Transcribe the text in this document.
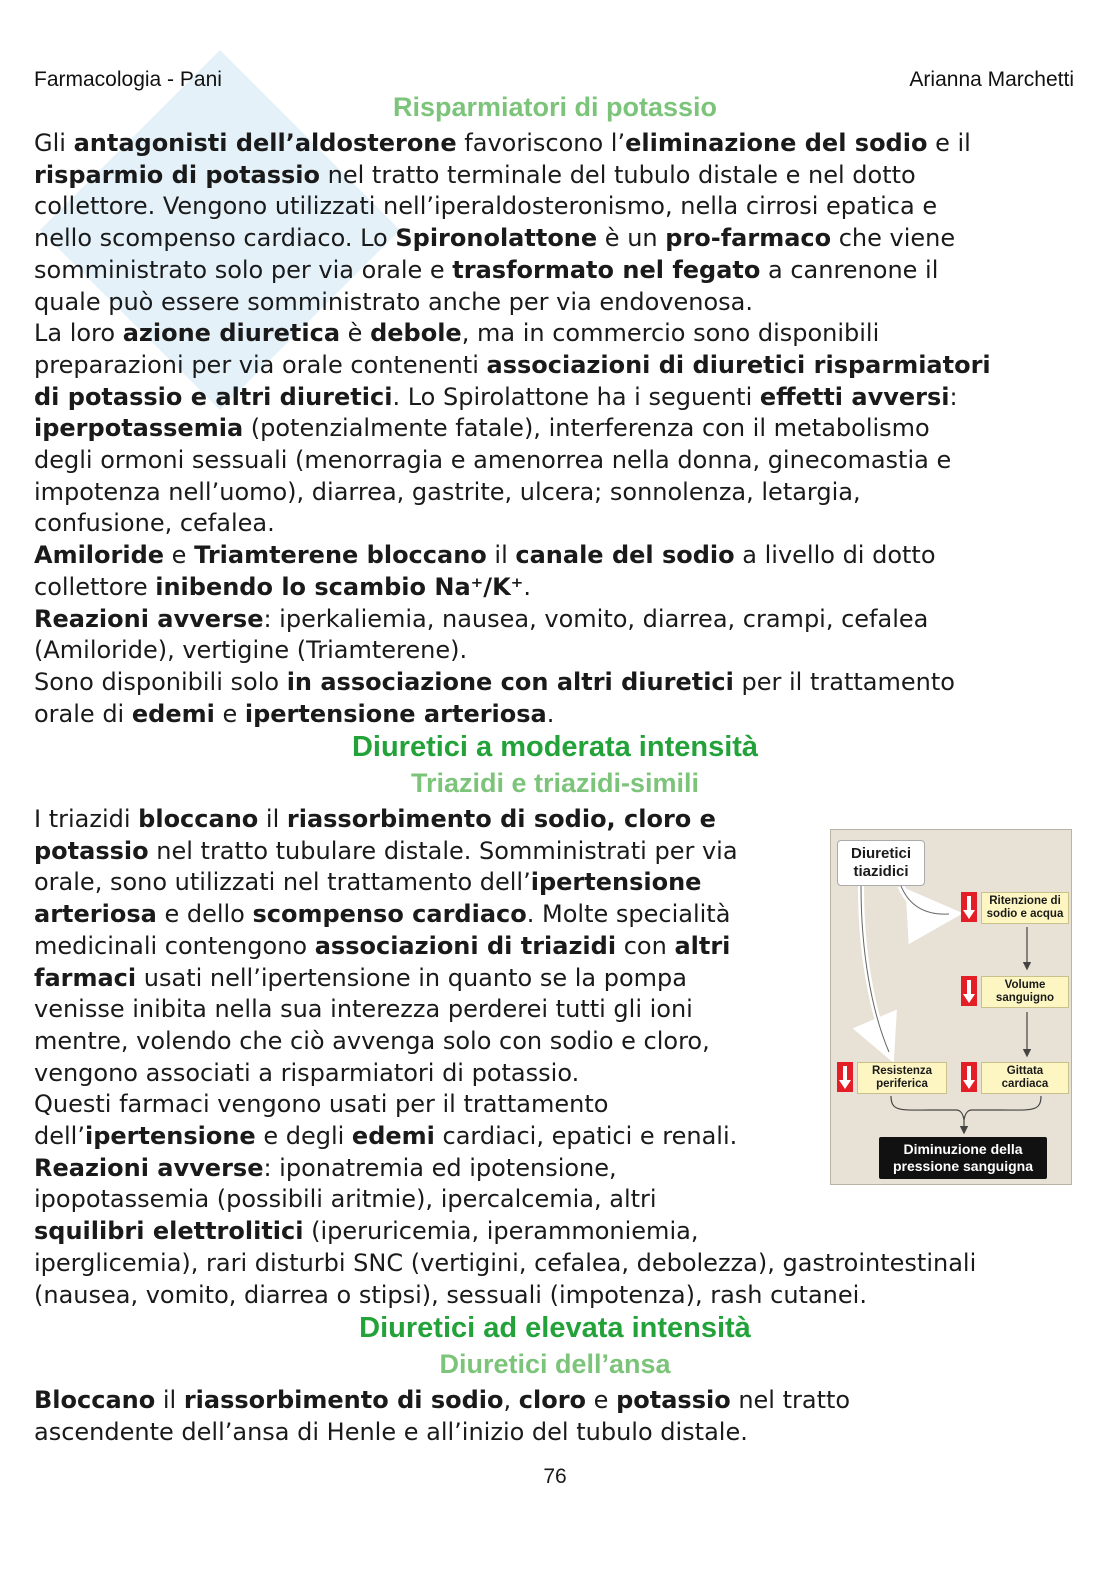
Farmacologia - Pani	Arianna Marchetti
Risparmiatori di potassio
Gli antagonisti dell’aldosterone favoriscono l’eliminazione del sodio e il
risparmio di potassio nel tratto terminale del tubulo distale e nel dotto
collettore. Vengono utilizzati nell’iperaldosteronismo, nella cirrosi epatica e
nello scompenso cardiaco. Lo Spironolattone è un pro-farmaco che viene
somministrato solo per via orale e trasformato nel fegato a canrenone il
quale può essere somministrato anche per via endovenosa.
La loro azione diuretica è debole, ma in commercio sono disponibili
preparazioni per via orale contenenti associazioni di diuretici risparmiatori
di potassio e altri diuretici. Lo Spirolattone ha i seguenti effetti avversi:
iperpotassemia (potenzialmente fatale), interferenza con il metabolismo
degli ormoni sessuali (menorragia e amenorrea nella donna, ginecomastia e
impotenza nell’uomo), diarrea, gastrite, ulcera; sonnolenza, letargia,
confusione, cefalea.
Amiloride e Triamterene bloccano il canale del sodio a livello di dotto
collettore inibendo lo scambio Na⁺/K⁺.
Reazioni avverse: iperkaliemia, nausea, vomito, diarrea, crampi, cefalea
(Amiloride), vertigine (Triamterene).
Sono disponibili solo in associazione con altri diuretici per il trattamento
orale di edemi e ipertensione arteriosa.
Diuretici a moderata intensità
Triazidi e triazidi-simili
I triazidi bloccano il riassorbimento di sodio, cloro e
potassio nel tratto tubulare distale. Somministrati per via
orale, sono utilizzati nel trattamento dell’ipertensione
arteriosa e dello scompenso cardiaco. Molte specialità
medicinali contengono associazioni di triazidi con altri
farmaci usati nell’ipertensione in quanto se la pompa
venisse inibita nella sua interezza perderei tutti gli ioni
mentre, volendo che ciò avvenga solo con sodio e cloro,
vengono associati a risparmiatori di potassio.
Questi farmaci vengono usati per il trattamento
dell’ipertensione e degli edemi cardiaci, epatici e renali.
Reazioni avverse: iponatremia ed ipotensione,
ipopotassemia (possibili aritmie), ipercalcemia, altri
squilibri elettrolitici (iperuricemia, iperammoniemia,
iperglicemia), rari disturbi SNC (vertigini, cefalea, debolezza), gastrointestinali
(nausea, vomito, diarrea o stipsi), sessuali (impotenza), rash cutanei.
Diuretici tiazidici
Ritenzione di sodio e acqua
Volume sanguigno
Resistenza periferica
Gittata cardiaca
Diminuzione della pressione sanguigna
Diuretici ad elevata intensità
Diuretici dell’ansa
Bloccano il riassorbimento di sodio, cloro e potassio nel tratto
ascendente dell’ansa di Henle e all’inizio del tubulo distale.
76
